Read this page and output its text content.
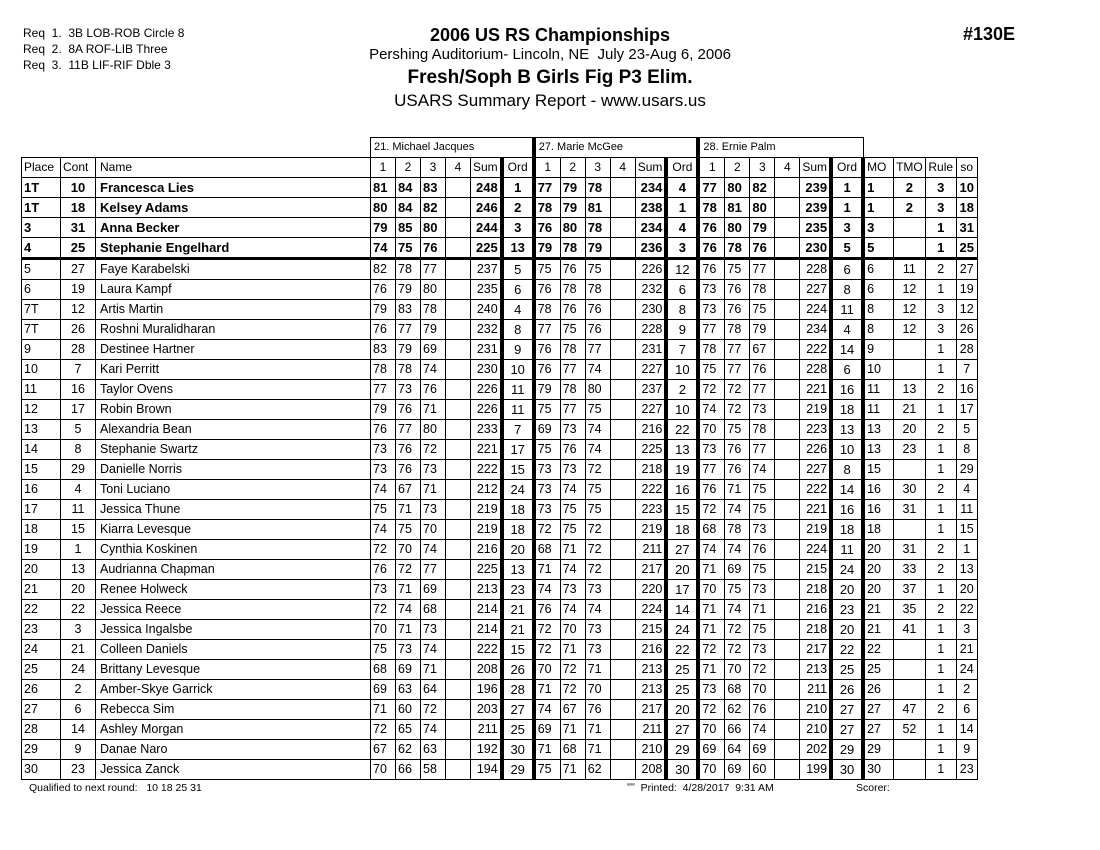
Req  1.  3B LOB-ROB Circle 8
Req  2.  8A ROF-LIB Three
Req  3.  11B LIF-RIF Dble 3
2006 US RS Championships
Pershing Auditorium- Lincoln, NE  July 23-Aug 6, 2006
Fresh/Soph B Girls Fig P3 Elim.
USARS Summary Report - www.usars.us
#130E
			21. Michael Jacques						27. Marie McGee						28. Ernie Palm									
Place	Cont	Name	1	2	3	4	Sum	Ord	1	2	3	4	Sum	Ord	1	2	3	4	Sum	Ord	MO	TMO	Rule	so
1T	10	Francesca Lies	81	84	83		248	1	77	79	78		234	4	77	80	82		239	1	1	2	3	10
1T	18	Kelsey Adams	80	84	82		246	2	78	79	81		238	1	78	81	80		239	1	1	2	3	18
3	31	Anna Becker	79	85	80		244	3	76	80	78		234	4	76	80	79		235	3	3		1	31
4	25	Stephanie Engelhard	74	75	76		225	13	79	78	79		236	3	76	78	76		230	5	5		1	25
5	27	Faye Karabelski	82	78	77		237	5	75	76	75		226	12	76	75	77		228	6	6	11	2	27
6	19	Laura Kampf	76	79	80		235	6	76	78	78		232	6	73	76	78		227	8	6	12	1	19
7T	12	Artis Martin	79	83	78		240	4	78	76	76		230	8	73	76	75		224	11	8	12	3	12
7T	26	Roshni Muralidharan	76	77	79		232	8	77	75	76		228	9	77	78	79		234	4	8	12	3	26
9	28	Destinee Hartner	83	79	69		231	9	76	78	77		231	7	78	77	67		222	14	9		1	28
10	7	Kari Perritt	78	78	74		230	10	76	77	74		227	10	75	77	76		228	6	10		1	7
11	16	Taylor Ovens	77	73	76		226	11	79	78	80		237	2	72	72	77		221	16	11	13	2	16
12	17	Robin Brown	79	76	71		226	11	75	77	75		227	10	74	72	73		219	18	11	21	1	17
13	5	Alexandria Bean	76	77	80		233	7	69	73	74		216	22	70	75	78		223	13	13	20	2	5
14	8	Stephanie Swartz	73	76	72		221	17	75	76	74		225	13	73	76	77		226	10	13	23	1	8
15	29	Danielle Norris	73	76	73		222	15	73	73	72		218	19	77	76	74		227	8	15		1	29
16	4	Toni Luciano	74	67	71		212	24	73	74	75		222	16	76	71	75		222	14	16	30	2	4
17	11	Jessica Thune	75	71	73		219	18	73	75	75		223	15	72	74	75		221	16	16	31	1	11
18	15	Kiarra Levesque	74	75	70		219	18	72	75	72		219	18	68	78	73		219	18	18		1	15
19	1	Cynthia Koskinen	72	70	74		216	20	68	71	72		211	27	74	74	76		224	11	20	31	2	1
20	13	Audrianna Chapman	76	72	77		225	13	71	74	72		217	20	71	69	75		215	24	20	33	2	13
21	20	Renee Holweck	73	71	69		213	23	74	73	73		220	17	70	75	73		218	20	20	37	1	20
22	22	Jessica Reece	72	74	68		214	21	76	74	74		224	14	71	74	71		216	23	21	35	2	22
23	3	Jessica Ingalsbe	70	71	73		214	21	72	70	73		215	24	71	72	75		218	20	21	41	1	3
24	21	Colleen Daniels	75	73	74		222	15	72	71	73		216	22	72	72	73		217	22	22		1	21
25	24	Brittany Levesque	68	69	71		208	26	70	72	71		213	25	71	70	72		213	25	25		1	24
26	2	Amber-Skye Garrick	69	63	64		196	28	71	72	70		213	25	73	68	70		211	26	26		1	2
27	6	Rebecca Sim	71	60	72		203	27	74	67	76		217	20	72	62	76		210	27	27	47	2	6
28	14	Ashley Morgan	72	65	74		211	25	69	71	71		211	27	70	66	74		210	27	27	52	1	14
29	9	Danae Naro	67	62	63		192	30	71	68	71		210	29	69	64	69		202	29	29		1	9
30	23	Jessica Zanck	70	66	58		194	29	75	71	62		208	30	70	69	60		199	30	30		1	23
Qualified to next round:   10 18 25 31	$^{ᵃᵃᶦᵃ}$ Printed:  4/28/2017  9:31 AM	Scorer:
